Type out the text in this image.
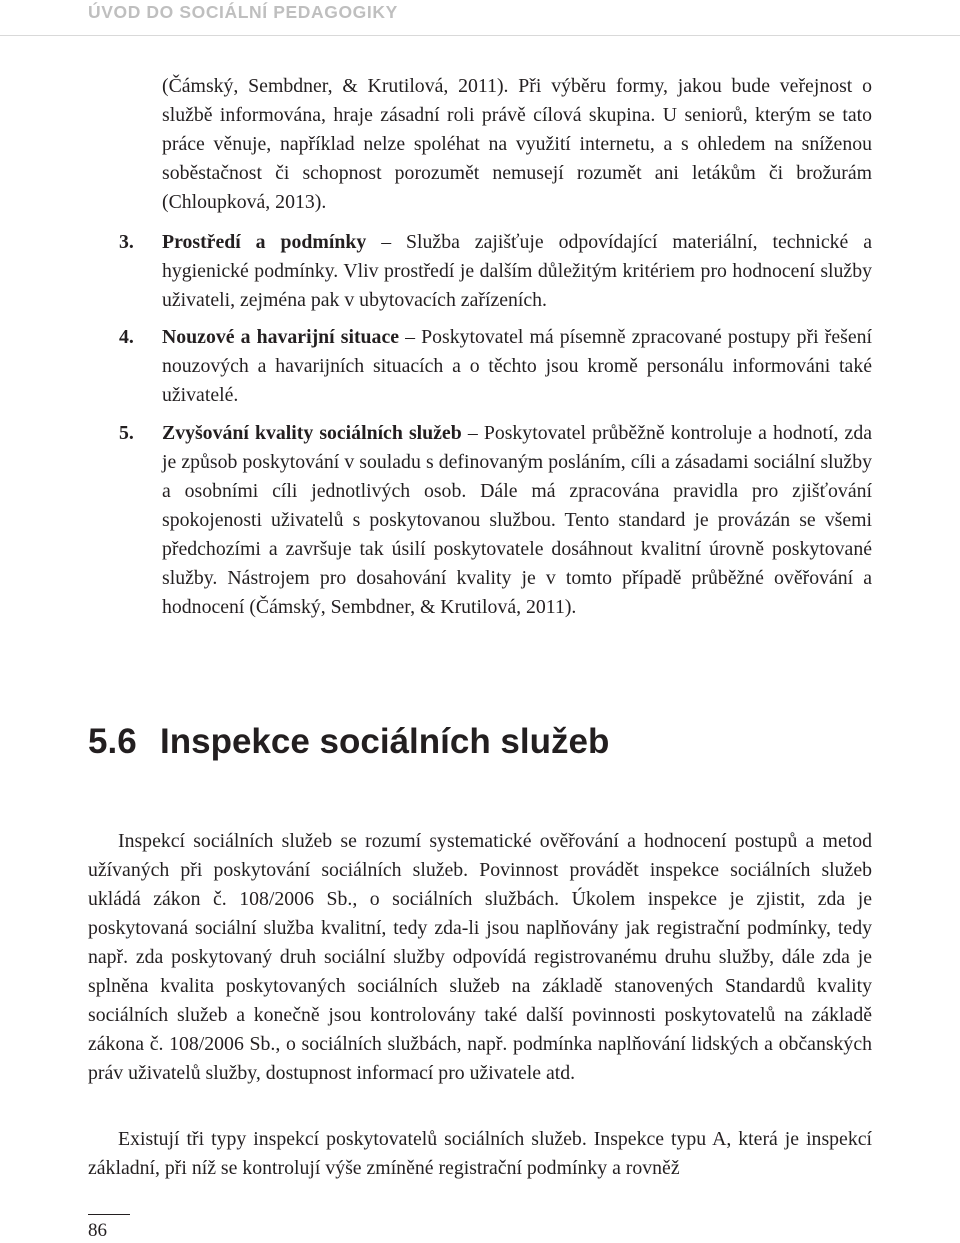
ÚVOD DO SOCIÁLNÍ PEDAGOGIKY

(Čámský, Sembdner, & Krutilová, 2011). Při výběru formy, jakou bude veřejnost o službě informována, hraje zásadní roli právě cílová skupina. U seniorů, kterým se tato práce věnuje, například nelze spoléhat na využití internetu, a s ohledem na sníženou soběstačnost či schopnost porozumět nemusejí rozumět ani letákům či brožurám (Chloupková, 2013).

3. Prostředí a podmínky – Služba zajišťuje odpovídající materiální, technické a hygienické podmínky. Vliv prostředí je dalším důležitým kritériem pro hodnocení služby uživateli, zejména pak v ubytovacích zařízeních.
4. Nouzové a havarijní situace – Poskytovatel má písemně zpracované postupy při řešení nouzových a havarijních situacích a o těchto jsou kromě personálu informováni také uživatelé.
5. Zvyšování kvality sociálních služeb – Poskytovatel průběžně kontroluje a hodnotí, zda je způsob poskytování v souladu s definovaným posláním, cíli a zásadami sociální služby a osobními cíli jednotlivých osob. Dále má zpracována pravidla pro zjišťování spokojenosti uživatelů s poskytovanou službou. Tento standard je provázán se všemi předchozími a završuje tak úsilí poskytovatele dosáhnout kvalitní úrovně poskytované služby. Nástrojem pro dosahování kvality je v tomto případě průběžné ověřování a hodnocení (Čámský, Sembdner, & Krutilová, 2011).
5.6 Inspekce sociálních služeb

Inspekcí sociálních služeb se rozumí systematické ověřování a hodnocení postupů a metod užívaných při poskytování sociálních služeb. Povinnost provádět inspekce sociálních služeb ukládá zákon č. 108/2006 Sb., o sociálních službách. Úkolem inspekce je zjistit, zda je poskytovaná sociální služba kvalitní, tedy zda-li jsou naplňovány jak registrační podmínky, tedy např. zda poskytovaný druh sociální služby odpovídá registrovanému druhu služby, dále zda je splněna kvalita poskytovaných sociálních služeb na základě stanovených Standardů kvality sociálních služeb a konečně jsou kontrolovány také další povinnosti poskytovatelů na základě zákona č. 108/2006 Sb., o sociálních službách, např. podmínka naplňování lidských a občanských práv uživatelů služby, dostupnost informací pro uživatele atd.

Existují tři typy inspekcí poskytovatelů sociálních služeb. Inspekce typu A, která je inspekcí základní, při níž se kontrolují výše zmíněné registrační podmínky a rovněž

86
